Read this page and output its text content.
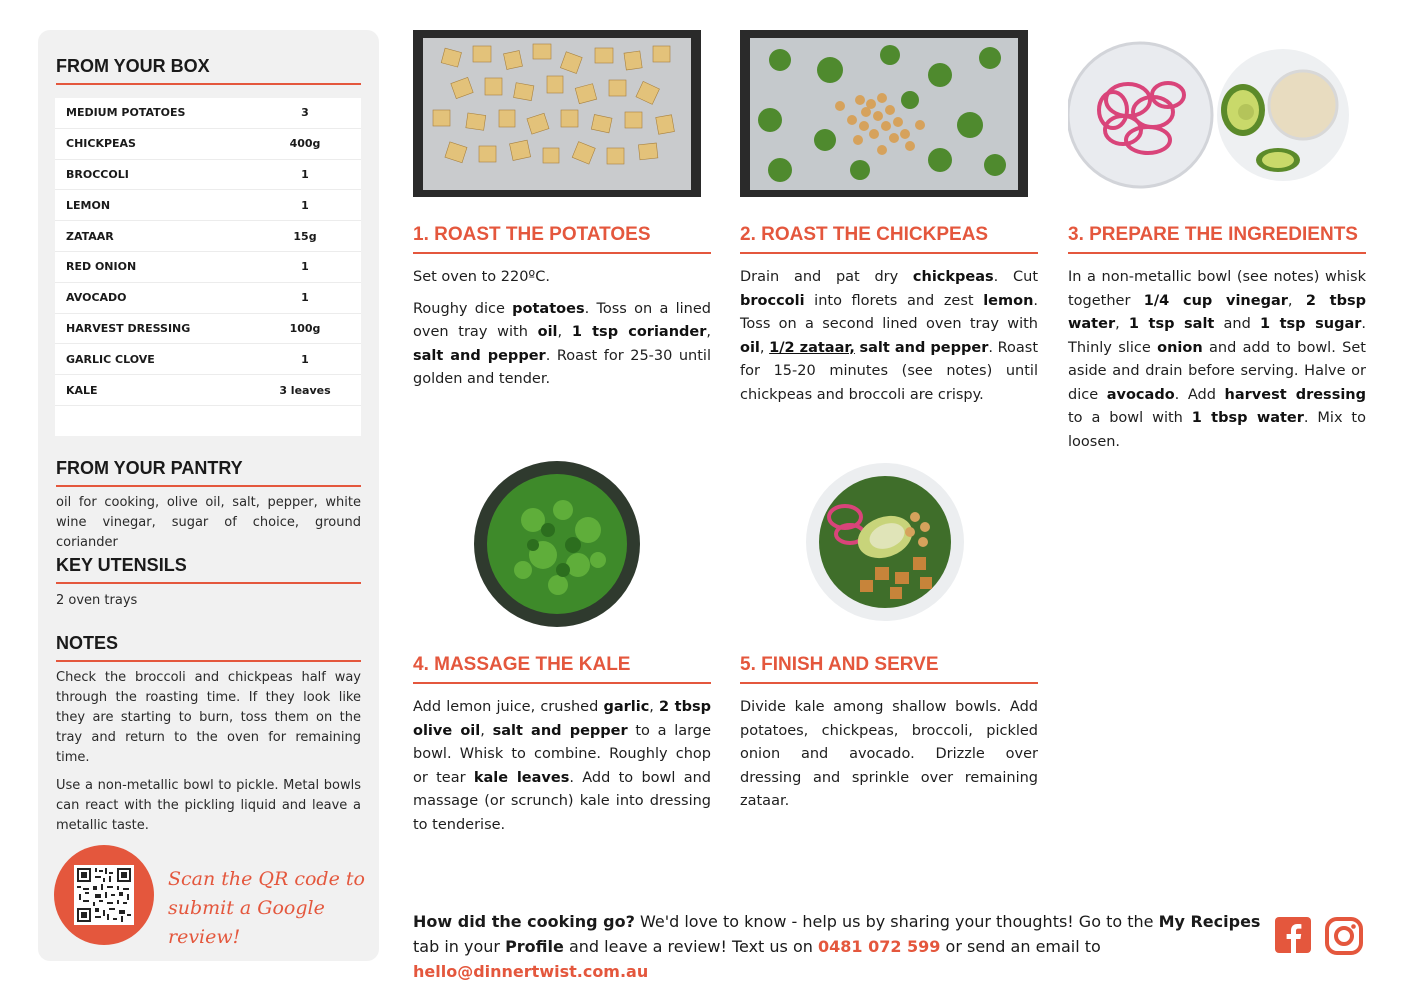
FROM YOUR BOX
MEDIUM POTATOES	3
CHICKPEAS	400g
BROCCOLI	1
LEMON	1
ZATAAR	15g
RED ONION	1
AVOCADO	1
HARVEST DRESSING	100g
GARLIC CLOVE	1
KALE	3 leaves
FROM YOUR PANTRY
oil for cooking, olive oil, salt, pepper, white wine vinegar, sugar of choice, ground coriander
KEY UTENSILS
2 oven trays
NOTES

Check the broccoli and chickpeas half way through the roasting time. If they look like they are starting to burn, toss them on the tray and return to the oven for remaining time.

Use a non-metallic bowl to pickle. Metal bowls can react with the pickling liquid and leave a metallic taste.

Scan the QR code to
submit a Google review!
1. ROAST THE POTATOES

Set oven to 220ºC.

Roughy dice potatoes. Toss on a lined oven tray with oil, 1 tsp coriander, salt and pepper. Roast for 25-30 until golden and tender.

2. ROAST THE CHICKPEAS

Drain and pat dry chickpeas. Cut broccoli into florets and zest lemon. Toss on a second lined oven tray with oil, 1/2 zataar, salt and pepper. Roast for 15-20 minutes (see notes) until chickpeas and broccoli are crispy.

3. PREPARE THE INGREDIENTS

In a non-metallic bowl (see notes) whisk together 1/4 cup vinegar, 2 tbsp water, 1 tsp salt and 1 tsp sugar. Thinly slice onion and add to bowl. Set aside and drain before serving. Halve or dice avocado. Add harvest dressing to a bowl with 1 tbsp water. Mix to loosen.

4. MASSAGE THE KALE

Add lemon juice, crushed garlic, 2 tbsp olive oil, salt and pepper to a large bowl. Whisk to combine. Roughly chop or tear kale leaves. Add to bowl and massage (or scrunch) kale into dressing to tenderise.

5. FINISH AND SERVE

Divide kale among shallow bowls. Add potatoes, chickpeas, broccoli, pickled onion and avocado. Drizzle over dressing and sprinkle over remaining zataar.

How did the cooking go? We'd love to know - help us by sharing your thoughts! Go to the My Recipes tab in your Profile and leave a review! Text us on 0481 072 599 or send an email to hello@dinnertwist.com.au
